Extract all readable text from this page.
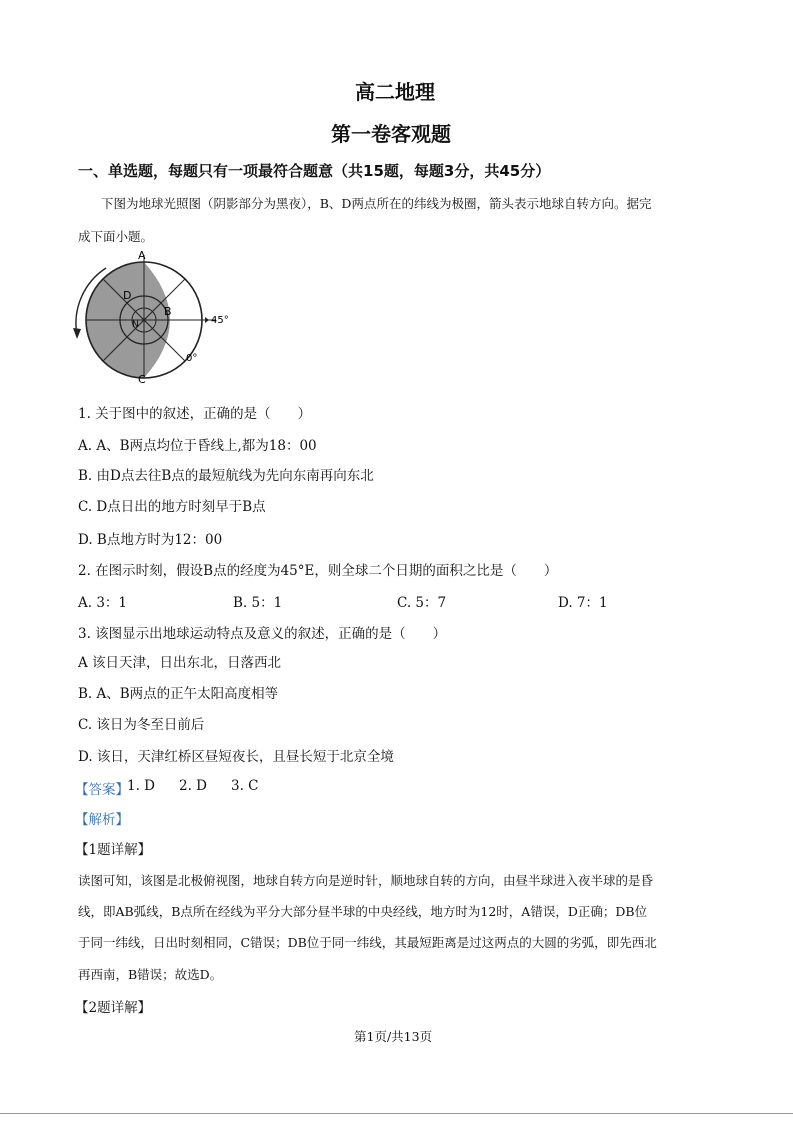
高二地理
第一卷客观题
一、单选题，每题只有一项最符合题意（共15题，每题3分，共45分）
下图为地球光照图（阴影部分为黑夜），B、D两点所在的纬线为极圈，箭头表示地球自转方向。据完
成下面小题。
A
C
D
B
N	45°
0°
1. 关于图中的叙述，正确的是（　　）
A. A、B两点均位于昏线上,都为18：00
B. 由D点去往B点的最短航线为先向东南再向东北
C. D点日出的地方时刻早于B点
D. B点地方时为12：00
2. 在图示时刻，假设B点的经度为45°E，则全球二个日期的面积之比是（　　）
A. 3：1	B. 5：1	C. 5：7	D. 7：1
3. 该图显示出地球运动特点及意义的叙述，正确的是（　　）
A 该日天津，日出东北，日落西北
B. A、B两点的正午太阳高度相等
C. 该日为冬至日前后
D. 该日，天津红桥区昼短夜长，且昼长短于北京全境
【答案】
1. D 2. D 3. C
【解析】
【1题详解】
读图可知，该图是北极俯视图，地球自转方向是逆时针，顺地球自转的方向，由昼半球进入夜半球的是昏
线，即AB弧线，B点所在经线为平分大部分昼半球的中央经线，地方时为12时，A错误，D正确；DB位
于同一纬线，日出时刻相同，C错误；DB位于同一纬线，其最短距离是过这两点的大圆的劣弧，即先西北
再西南，B错误；故选D。
【2题详解】
第1页/共13页
